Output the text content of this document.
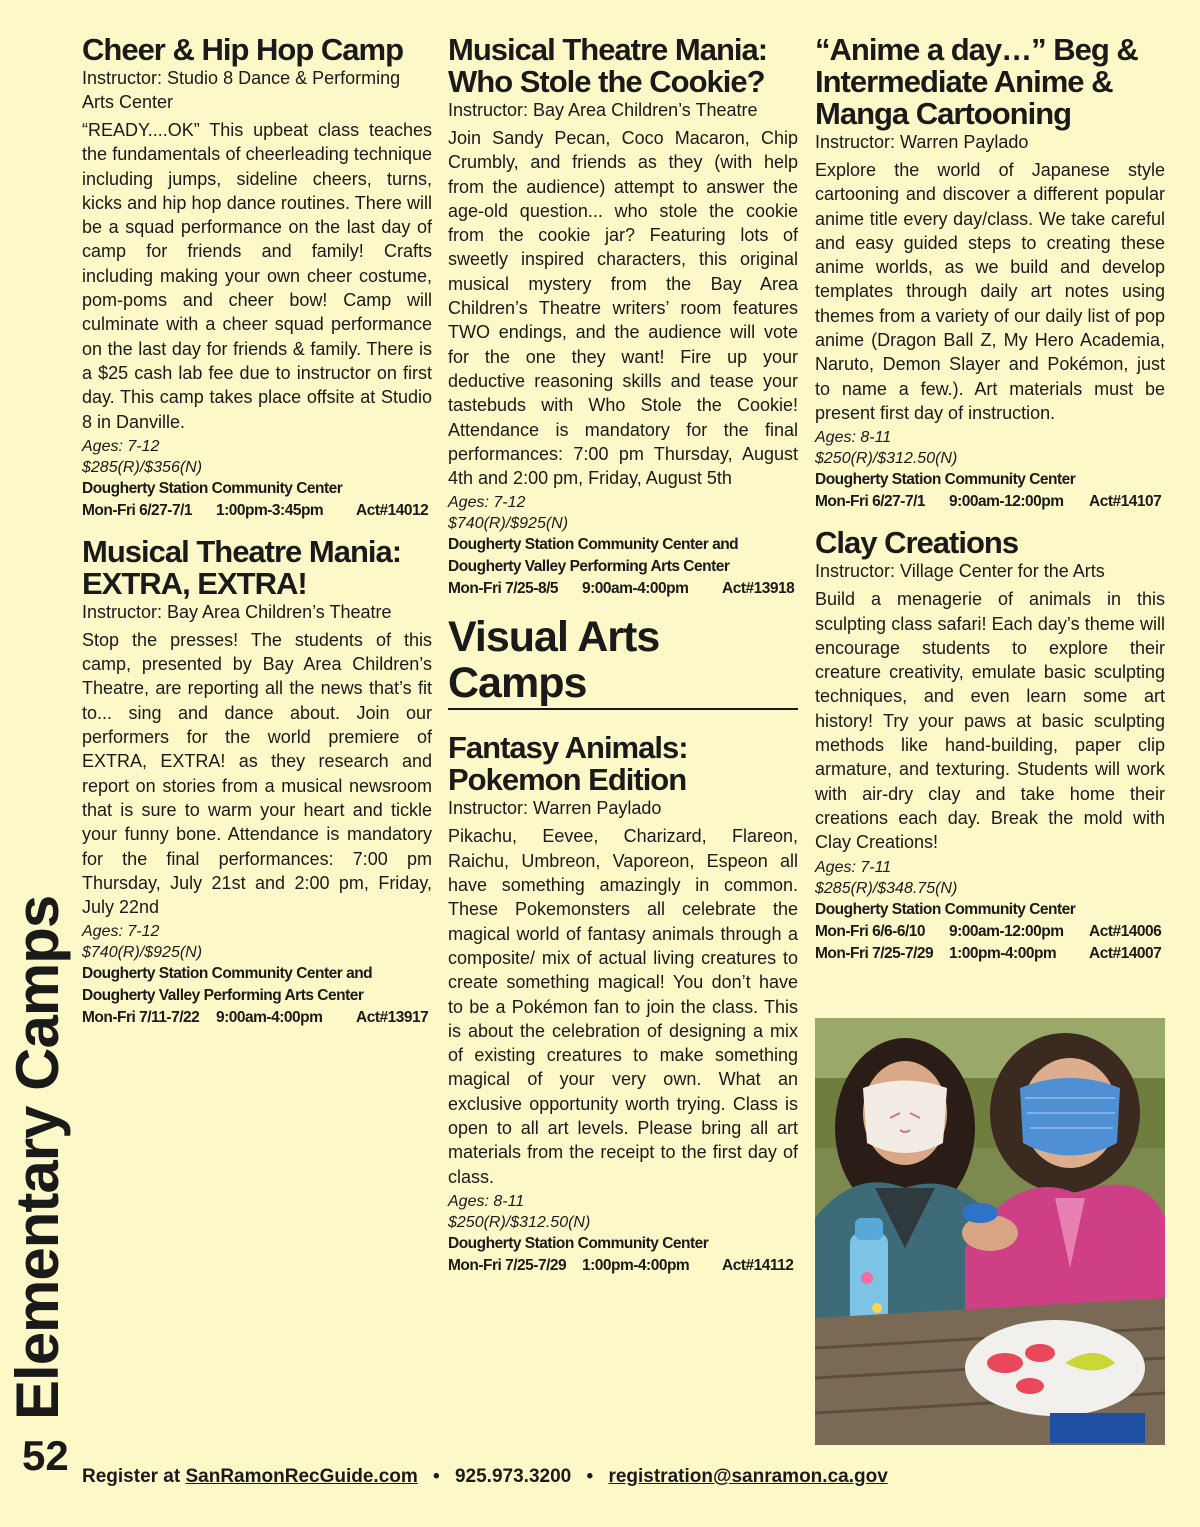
Cheer & Hip Hop Camp

Instructor: Studio 8 Dance & Performing Arts Center

“READY....OK” This upbeat class teaches the fundamentals of cheerleading technique including jumps, sideline cheers, turns, kicks and hip hop dance routines. There will be a squad performance on the last day of camp for friends and family! Crafts including making your own cheer costume, pom-poms and cheer bow! Camp will culminate with a cheer squad performance on the last day for friends & family. There is a $25 cash lab fee due to instructor on first day. This camp takes place offsite at Studio 8 in Danville.

Ages: 7-12

$285(R)/$356(N)

Dougherty Station Community Center

Mon-Fri 6/27-7/1	1:00pm-3:45pm	Act#14012
Musical Theatre Mania:
EXTRA, EXTRA!

Instructor: Bay Area Children’s Theatre

Stop the presses! The students of this camp, presented by Bay Area Children’s Theatre, are reporting all the news that’s fit to... sing and dance about. Join our performers for the world premiere of EXTRA, EXTRA! as they research and report on stories from a musical newsroom that is sure to warm your heart and tickle your funny bone. Attendance is mandatory for the final performances: 7:00 pm Thursday, July 21st and 2:00 pm, Friday, July 22nd

Ages: 7-12

$740(R)/$925(N)

Dougherty Station Community Center and

Dougherty Valley Performing Arts Center

Mon-Fri 7/11-7/22	9:00am-4:00pm	Act#13917
Musical Theatre Mania:
Who Stole the Cookie?

Instructor: Bay Area Children’s Theatre

Join Sandy Pecan, Coco Macaron, Chip Crumbly, and friends as they (with help from the audience) attempt to answer the age-old question... who stole the cookie from the cookie jar? Featuring lots of sweetly inspired characters, this original musical mystery from the Bay Area Children’s Theatre writers’ room features TWO endings, and the audience will vote for the one they want! Fire up your deductive reasoning skills and tease your tastebuds with Who Stole the Cookie! Attendance is mandatory for the final performances: 7:00 pm Thursday, August 4th and 2:00 pm, Friday, August 5th

Ages: 7-12

$740(R)/$925(N)

Dougherty Station Community Center and

Dougherty Valley Performing Arts Center

Mon-Fri 7/25-8/5	9:00am-4:00pm	Act#13918
Visual Arts Camps
Fantasy Animals:
Pokemon Edition

Instructor: Warren Paylado

Pikachu, Eevee, Charizard, Flareon, Raichu, Umbreon, Vaporeon, Espeon all have something amazingly in common. These Pokemonsters all celebrate the magical world of fantasy animals through a composite/ mix of actual living creatures to create something magical! You don’t have to be a Pokémon fan to join the class. This is about the celebration of designing a mix of existing creatures to make something magical of your very own. What an exclusive opportunity worth trying. Class is open to all art levels. Please bring all art materials from the receipt to the first day of class.

Ages: 8-11

$250(R)/$312.50(N)

Dougherty Station Community Center

Mon-Fri 7/25-7/29	1:00pm-4:00pm	Act#14112
“Anime a day…” Beg &
Intermediate Anime &
Manga Cartooning

Instructor: Warren Paylado

Explore the world of Japanese style cartooning and discover a different popular anime title every day/class. We take careful and easy guided steps to creating these anime worlds, as we build and develop templates through daily art notes using themes from a variety of our daily list of pop anime (Dragon Ball Z, My Hero Academia, Naruto, Demon Slayer and Pokémon, just to name a few.). Art materials must be present first day of instruction.

Ages: 8-11

$250(R)/$312.50(N)

Dougherty Station Community Center

Mon-Fri 6/27-7/1	9:00am-12:00pm	Act#14107
Clay Creations

Instructor: Village Center for the Arts

Build a menagerie of animals in this sculpting class safari! Each day’s theme will encourage students to explore their creature creativity, emulate basic sculpting techniques, and even learn some art history! Try your paws at basic sculpting methods like hand-building, paper clip armature, and texturing. Students will work with air-dry clay and take home their creations each day. Break the mold with Clay Creations!

Ages: 7-11

$285(R)/$348.75(N)

Dougherty Station Community Center

Mon-Fri 6/6-6/10	9:00am-12:00pm	Act#14006
Mon-Fri 7/25-7/29	1:00pm-4:00pm	Act#14007
Elementary Camps
52 Register at SanRamonRecGuide.com • 925.973.3200 • registration@sanramon.ca.gov
